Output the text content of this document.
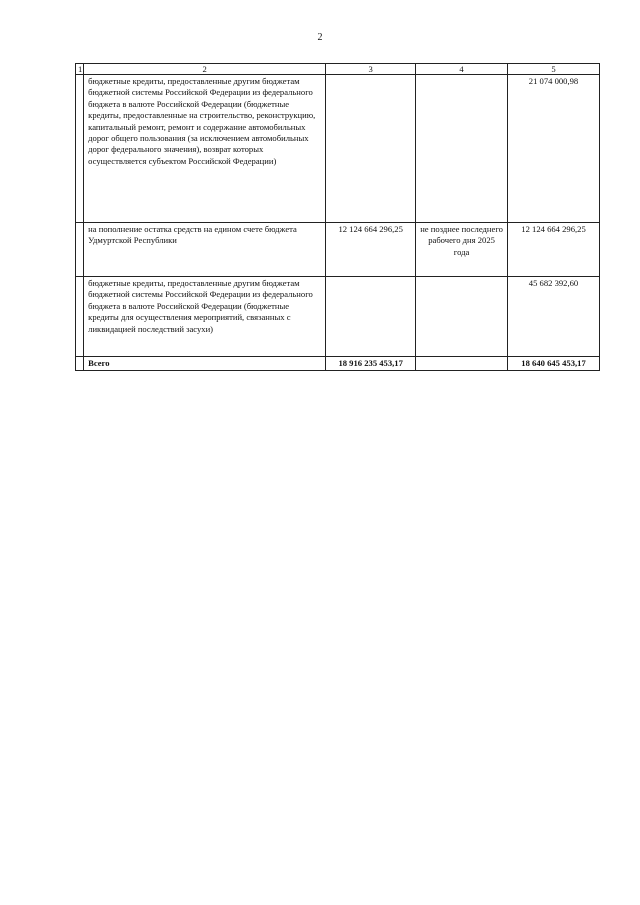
2
1	2	3	4	5
	бюджетные кредиты, предоставленные другим бюджетам бюджетной системы Российской Федерации из федерального бюджета в валюте Российской Федерации (бюджетные кредиты, предоставленные на строительство, реконструкцию, капитальный ремонт, ремонт и содержание автомобильных дорог общего пользования (за исключением автомобильных дорог федерального значения), возврат которых осуществляется субъектом Российской Федерации)			21 074 000,98
	на пополнение остатка средств на едином счете бюджета Удмуртской Республики	12 124 664 296,25	не позднее последнего рабочего дня 2025 года	12 124 664 296,25
	бюджетные кредиты, предоставленные другим бюджетам бюджетной системы Российской Федерации из федерального бюджета в валюте Российской Федерации (бюджетные кредиты для осуществления мероприятий, связанных с ликвидацией последствий засухи)			45 682 392,60
	Всего	18 916 235 453,17		18 640 645 453,17
